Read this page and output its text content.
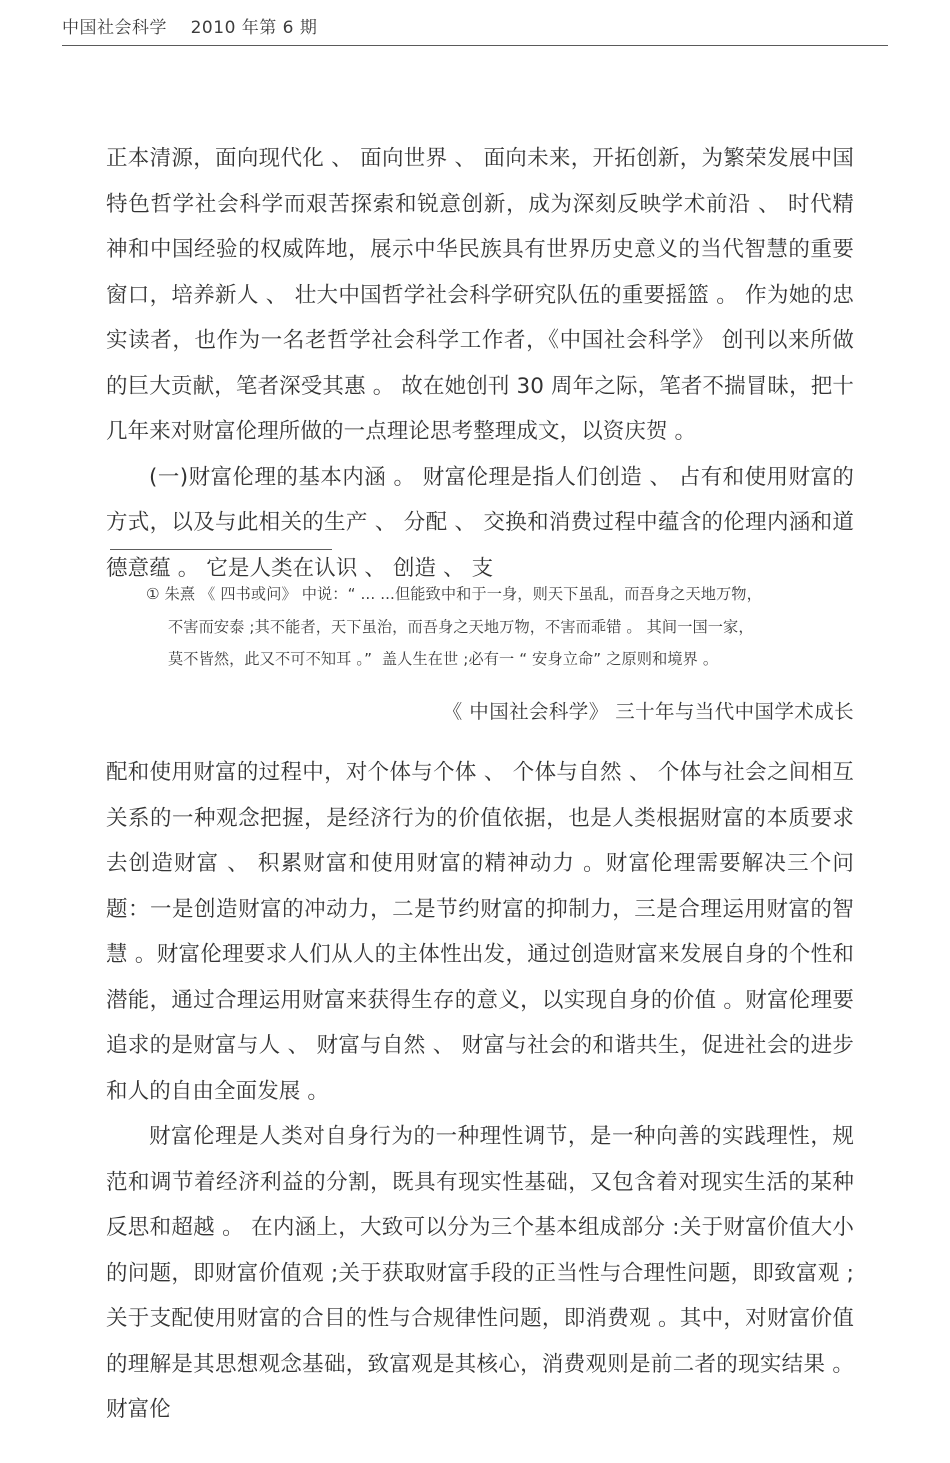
中国社会科学    2010 年第 6 期

正本清源，面向现代化 、 面向世界 、 面向未来，开拓创新，为繁荣发展中国特色哲学社会科学而艰苦探索和锐意创新，成为深刻反映学术前沿 、 时代精神和中国经验的权威阵地，展示中华民族具有世界历史意义的当代智慧的重要窗口，培养新人 、 壮大中国哲学社会科学研究队伍的重要摇篮 。 作为她的忠实读者，也作为一名老哲学社会科学工作者，《中国社会科学》 创刊以来所做的巨大贡献，笔者深受其惠 。 故在她创刊 30 周年之际，笔者不揣冒昧，把十几年来对财富伦理所做的一点理论思考整理成文，以资庆贺 。

(一)财富伦理的基本内涵 。 财富伦理是指人们创造 、 占有和使用财富的方式，以及与此相关的生产 、 分配 、 交换和消费过程中蕴含的伦理内涵和道德意蕴 。 它是人类在认识 、 创造 、 支

① 朱熹 《 四书或问》 中说：“ ... ...但能致中和于一身，则天下虽乱，而吾身之天地万物，
不害而安泰 ;其不能者，天下虽治，而吾身之天地万物，不害而乖错 。 其间一国一家，
莫不皆然，此又不可不知耳 。”  盖人生在世 ;必有一 “ 安身立命” 之原则和境界 。
《 中国社会科学》 三十年与当代中国学术成长

配和使用财富的过程中，对个体与个体 、 个体与自然 、 个体与社会之间相互关系的一种观念把握，是经济行为的价值依据，也是人类根据财富的本质要求去创造财富 、 积累财富和使用财富的精神动力 。财富伦理需要解决三个问题：一是创造财富的冲动力，二是节约财富的抑制力，三是合理运用财富的智慧 。财富伦理要求人们从人的主体性出发，通过创造财富来发展自身的个性和潜能，通过合理运用财富来获得生存的意义，以实现自身的价值 。财富伦理要追求的是财富与人 、 财富与自然 、 财富与社会的和谐共生，促进社会的进步和人的自由全面发展 。

财富伦理是人类对自身行为的一种理性调节，是一种向善的实践理性，规范和调节着经济利益的分割，既具有现实性基础，又包含着对现实生活的某种反思和超越 。 在内涵上，大致可以分为三个基本组成部分 :关于财富价值大小的问题，即财富价值观 ;关于获取财富手段的正当性与合理性问题，即致富观 ;关于支配使用财富的合目的性与合规律性问题，即消费观 。其中，对财富价值的理解是其思想观念基础，致富观是其核心，消费观则是前二者的现实结果 。财富伦
